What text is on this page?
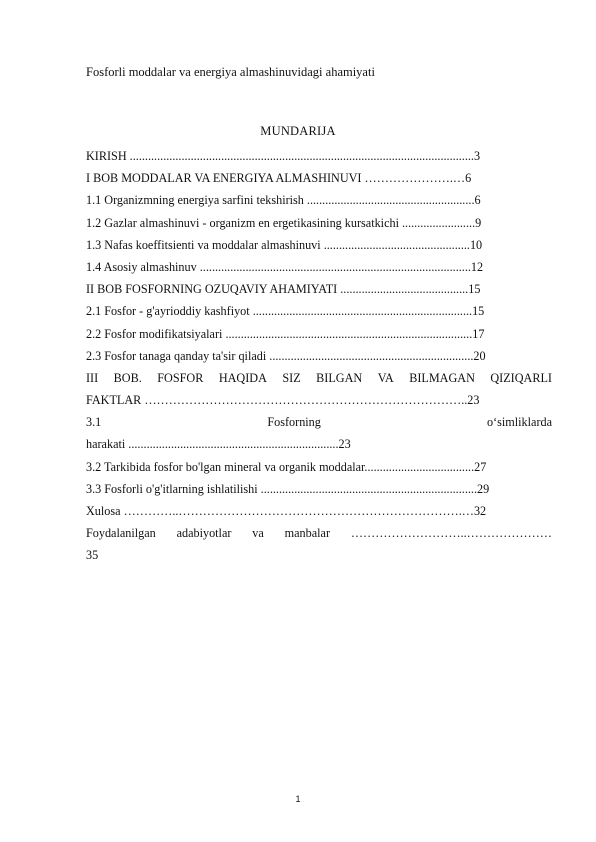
Fosforli moddalar va energiya almashinuvidagi ahamiyati
MUNDARIJA
KIRISH .................................................................................................................3
I BOB MODDALAR VA ENERGIYA ALMASHINUVI ………………….…6
1.1 Organizmning energiya sarfini tekshirish .......................................................6
1.2 Gazlar almashinuvi - organizm en ergetikasining kursatkichi ........................9
1.3 Nafas koeffitsienti va moddalar almashinuvi ................................................10
1.4 Asosiy almashinuv .........................................................................................12
II BOB FOSFORNING OZUQAVIY AHAMIYATI ..........................................15
2.1 Fosfor - g'ayrioddiy kashfiyot ........................................................................15
2.2 Fosfor modifikatsiyalari .................................................................................17
2.3 Fosfor tanaga qanday ta'sir qiladi ...................................................................20
III BOB. FOSFOR HAQIDA SIZ BILGAN VA BILMAGAN QIZIQARLI
FAKTLAR ……………………………………………………………………..23
3.1	Fosforning	o‘simliklarda
harakati .....................................................................23
3.2 Tarkibida fosfor bo'lgan mineral va organik moddalar....................................27
3.3 Fosforli o'g'itlarning ishlatilishi .......................................................................29
Xulosa …………..…………………………………………………………….…32
Foydalanilgan adabiyotlar va manbalar ………………………..…………………
35
1
